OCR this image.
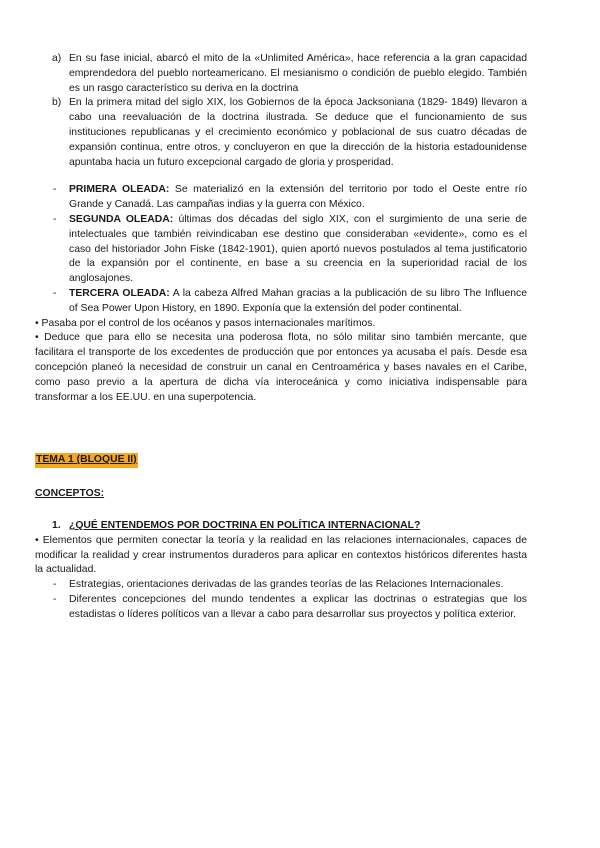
a) En su fase inicial, abarcó el mito de la «Unlimited América», hace referencia a la gran capacidad emprendedora del pueblo norteamericano. El mesianismo o condición de pueblo elegido. También es un rasgo característico su deriva en la doctrina
b) En la primera mitad del siglo XIX, los Gobiernos de la época Jacksoniana (1829- 1849) llevaron a cabo una reevaluación de la doctrina ilustrada. Se deduce que el funcionamiento de sus instituciones republicanas y el crecimiento económico y poblacional de sus cuatro décadas de expansión continua, entre otros, y concluyeron en que la dirección de la historia estadounidense apuntaba hacia un futuro excepcional cargado de gloria y prosperidad.
- PRIMERA OLEADA: Se materializó en la extensión del territorio por todo el Oeste entre río Grande y Canadá. Las campañas indias y la guerra con México.
- SEGUNDA OLEADA: últimas dos décadas del siglo XIX, con el surgimiento de una serie de intelectuales que también reivindicaban ese destino que consideraban «evidente», como es el caso del historiador John Fiske (1842-1901), quien aportó nuevos postulados al tema justificatorio de la expansión por el continente, en base a su creencia en la superioridad racial de los anglosajones.
- TERCERA OLEADA: A la cabeza Alfred Mahan gracias a la publicación de su libro The Influence of Sea Power Upon History, en 1890. Exponía que la extensión del poder continental.
• Pasaba por el control de los océanos y pasos internacionales marítimos.
• Deduce que para ello se necesita una poderosa flota, no sólo militar sino también mercante, que facilitara el transporte de los excedentes de producción que por entonces ya acusaba el país. Desde esa concepción planeó la necesidad de construir un canal en Centroamérica y bases navales en el Caribe, como paso previo a la apertura de dicha vía interoceánica y como iniciativa indispensable para transformar a los EE.UU. en una superpotencia.
TEMA 1 (BLOQUE II)
CONCEPTOS:
1. ¿QUÉ ENTENDEMOS POR DOCTRINA EN POLÍTICA INTERNACIONAL?
• Elementos que permiten conectar la teoría y la realidad en las relaciones internacionales, capaces de modificar la realidad y crear instrumentos duraderos para aplicar en contextos históricos diferentes hasta la actualidad.
- Estrategias, orientaciones derivadas de las grandes teorías de las Relaciones Internacionales.
- Diferentes concepciones del mundo tendentes a explicar las doctrinas o estrategias que los estadistas o líderes políticos van a llevar a cabo para desarrollar sus proyectos y política exterior.
